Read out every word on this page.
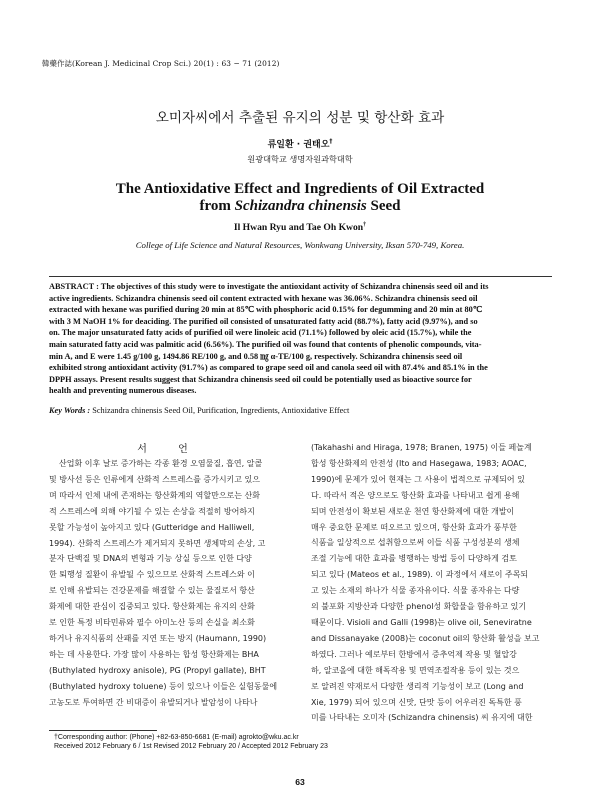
韓藥作誌(Korean J. Medicinal Crop Sci.) 20(1) : 63 − 71 (2012)
오미자씨에서 추출된 유지의 성분 및 항산화 효과
류일환 · 권태오†
원광대학교 생명자원과학대학
The Antioxidative Effect and Ingredients of Oil Extracted
from Schizandra chinensis Seed
Il Hwan Ryu and Tae Oh Kwon†
College of Life Science and Natural Resources, Wonkwang University, Iksan 570-749, Korea.

ABSTRACT : The objectives of this study were to investigate the antioxidant activity of Schizandra chinensis seed oil and its

active ingredients. Schizandra chinensis seed oil content extracted with hexane was 36.06%. Schizandra chinensis seed oil

extracted with hexane was purified during 20 min at 85℃ with phosphoric acid 0.15% for degumming and 20 min at 80℃

with 3 M NaOH 1% for deaciding. The purified oil consisted of unsaturated fatty acid (88.7%), fatty acid (9.97%), and so

on. The major unsaturated fatty acids of purified oil were linoleic acid (71.1%) followed by oleic acid (15.7%), while the

main saturated fatty acid was palmitic acid (6.56%). The purified oil was found that contents of phenolic compounds, vita-

min A, and E were 1.45 g/100 g, 1494.86 RE/100 g, and 0.58 ㎎ α-TE/100 g, respectively. Schizandra chinensis seed oil

exhibited strong antioxidant activity (91.7%) as compared to grape seed oil and canola seed oil with 87.4% and 85.1% in the

DPPH assays. Present results suggest that Schizandra chinensis seed oil could be potentially used as bioactive source for

health and preventing numerous diseases.

Key Words : Schizandra chinensis Seed Oil, Purification, Ingredients, Antioxidative Effect
서 언

산업화 이후 날로 증가하는 각종 환경 오염물질, 흡연, 알콜

및 방사선 등은 인류에게 산화적 스트레스를 증가시키고 있으

며 따라서 인체 내에 존재하는 항산화계의 역할만으로는 산화

적 스트레스에 의해 야기될 수 있는 손상을 적절히 방어하지

못할 가능성이 높아지고 있다 (Gutteridge and Halliwell,

1994). 산화적 스트레스가 제거되지 못하면 생체막의 손상, 고

분자 단백질 및 DNA의 변형과 기능 상실 등으로 인한 다양

한 퇴행성 질환이 유발될 수 있으므로 산화적 스트레스와 이

로 인해 유발되는 건강문제를 해결할 수 있는 물질로서 항산

화제에 대한 관심이 집중되고 있다. 항산화제는 유지의 산화

로 인한 특정 비타민류와 필수 아미노산 등의 손실을 최소화

하거나 유지식품의 산패를 지연 또는 방지 (Haumann, 1990)

하는 데 사용한다. 가장 많이 사용하는 합성 항산화제는 BHA

(Buthylated hydroxy anisole), PG (Propyl gallate), BHT

(Buthylated hydroxy toluene) 등이 있으나 이들은 실험동물에

고농도로 투여하면 간 비대증이 유발되거나 발암성이 나타나

(Takahashi and Hiraga, 1978; Branen, 1975) 이들 페놀계

합성 항산화제의 안전성 (Ito and Hasegawa, 1983; AOAC,

1990)에 문제가 있어 현재는 그 사용이 법적으로 규제되어 있

다. 따라서 적은 양으로도 항산화 효과를 나타내고 쉽게 용해

되며 안전성이 확보된 새로운 천연 항산화제에 대한 개발이

매우 중요한 문제로 떠오르고 있으며, 항산화 효과가 풍부한

식품을 일상적으로 섭취함으로써 이들 식품 구성성분의 생체

조절 기능에 대한 효과를 병행하는 방법 등이 다양하게 검토

되고 있다 (Mateos et al., 1989). 이 과정에서 새로이 주목되

고 있는 소재의 하나가 식물 종자유이다. 식물 종자유는 다량

의 불포화 지방산과 다양한 phenol성 화합물을 함유하고 있기

때문이다. Visioli and Galli (1998)는 olive oil, Seneviratne

and Dissanayake (2008)는 coconut oil의 항산화 활성을 보고

하였다. 그러나 예로부터 한방에서 증추억제 작용 및 혈압강

하, 알코올에 대한 해독작용 및 면역조절작용 등이 있는 것으

로 알려진 약재로서 다양한 생리적 기능성이 보고 (Long and

Xie, 1979) 되어 있으며 신맛, 단맛 등이 어우러진 독특한 풍

미를 나타내는 오미자 (Schizandra chinensis) 씨 유지에 대한

†Corresponding author: (Phone) +82-63-850-6681 (E-mail) agrokto@wku.ac.kr
Received 2012 February 6 / 1st Revised 2012 February 20 / Accepted 2012 February 23
63
